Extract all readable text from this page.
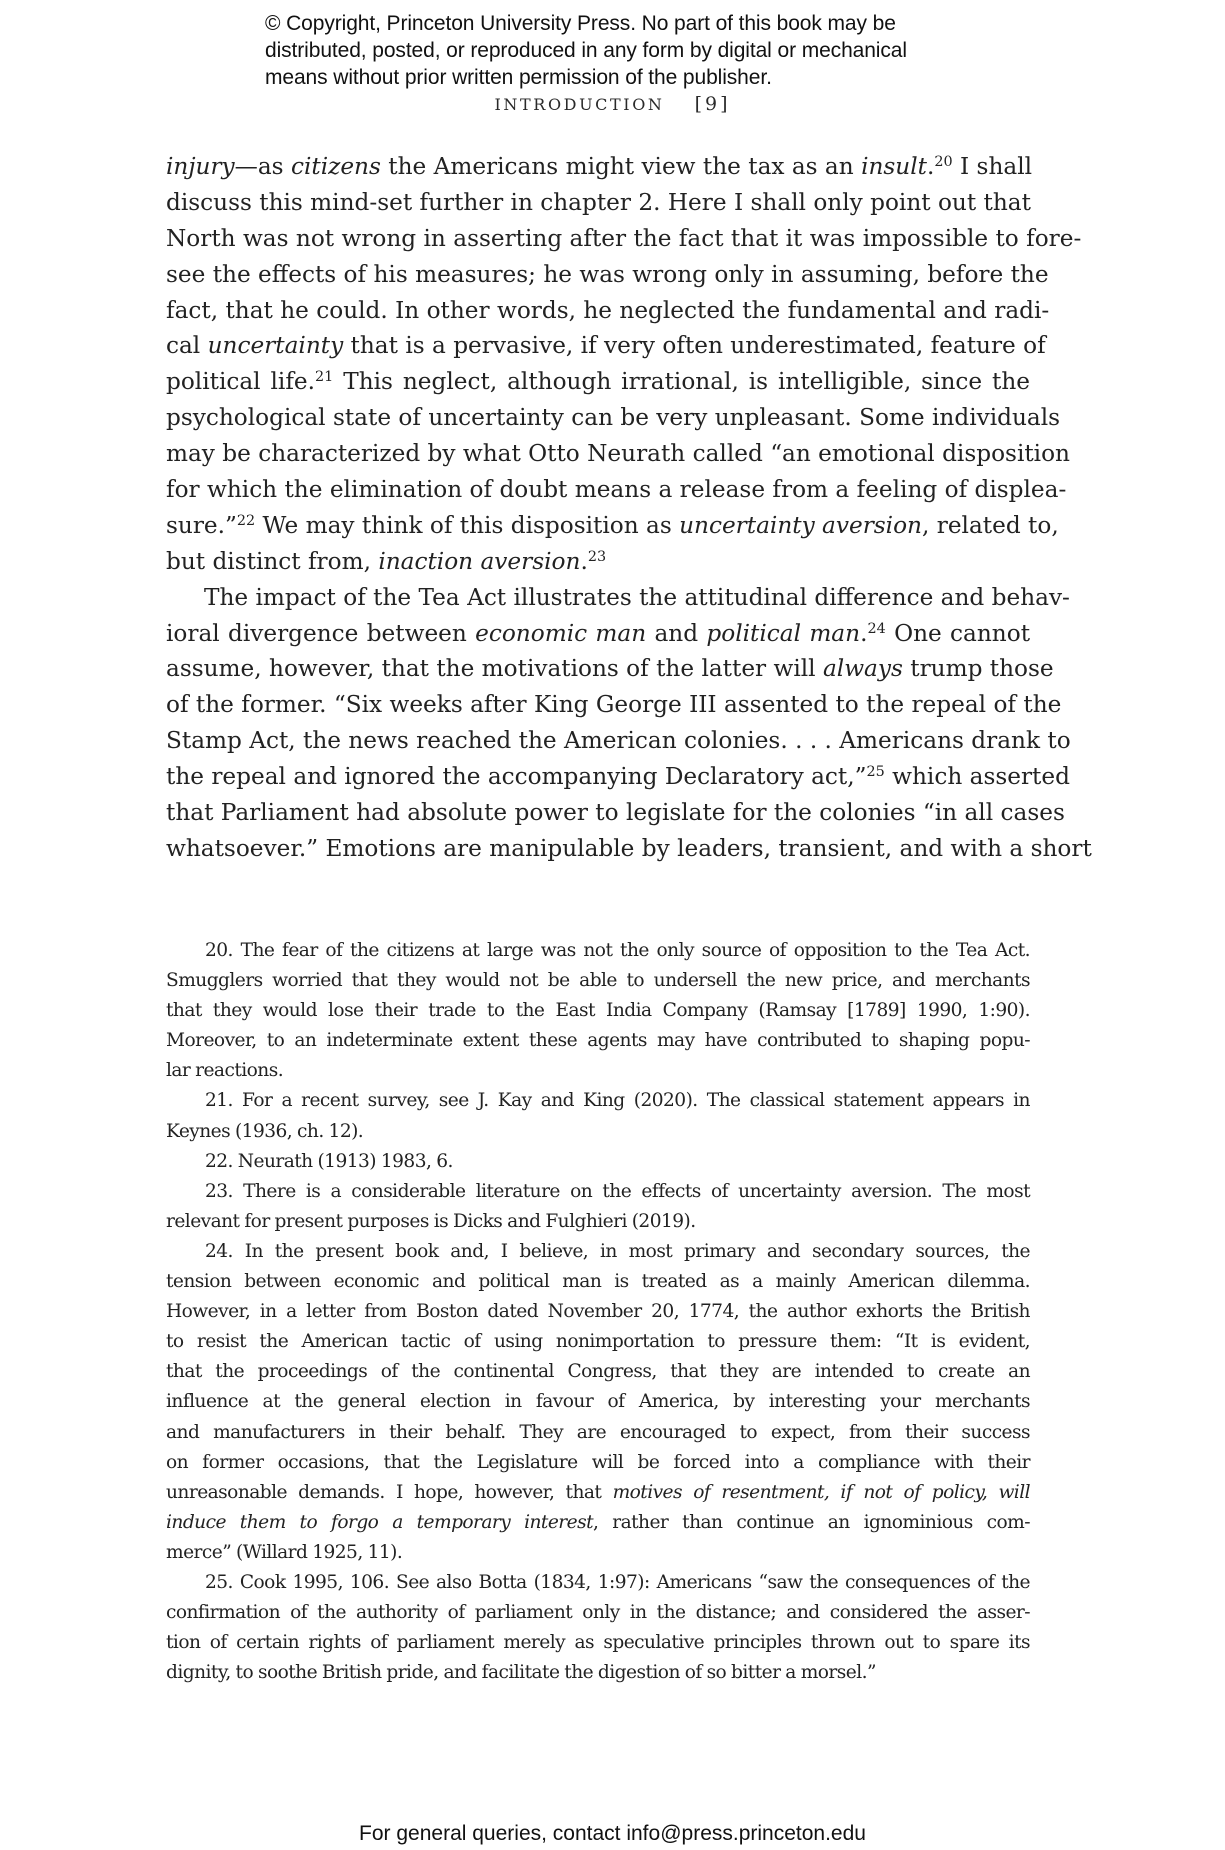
© Copyright, Princeton University Press. No part of this book may be
distributed, posted, or reproduced in any form by digital or mechanical
means without prior written permission of the publisher.
INTRODUCTION [9]
injury—as citizens the Americans might view the tax as an insult.$^{20}$ I shall
discuss this mind-set further in chapter 2. Here I shall only point out that
North was not wrong in asserting after the fact that it was impossible to fore-
see the effects of his measures; he was wrong only in assuming, before the
fact, that he could. In other words, he neglected the fundamental and radi-
cal uncertainty that is a pervasive, if very often underestimated, feature of
political life.$^{21}$ This neglect, although irrational, is intelligible, since the
psychological state of uncertainty can be very unpleasant. Some individuals
may be characterized by what Otto Neurath called “an emotional disposition
for which the elimination of doubt means a release from a feeling of displea-
sure.”$^{22}$ We may think of this disposition as uncertainty aversion, related to,
but distinct from, inaction aversion.$^{23}$
The impact of the Tea Act illustrates the attitudinal difference and behav-
ioral divergence between economic man and political man.$^{24}$ One cannot
assume, however, that the motivations of the latter will always trump those
of the former. “Six weeks after King George III assented to the repeal of the
Stamp Act, the news reached the American colonies. . . . Americans drank to
the repeal and ignored the accompanying Declaratory act,”$^{25}$ which asserted
that Parliament had absolute power to legislate for the colonies “in all cases
whatsoever.” Emotions are manipulable by leaders, transient, and with a short
20. The fear of the citizens at large was not the only source of opposition to the Tea Act.
Smugglers worried that they would not be able to undersell the new price, and merchants
that they would lose their trade to the East India Company (Ramsay [1789] 1990, 1:90).
Moreover, to an indeterminate extent these agents may have contributed to shaping popu-
lar reactions.
21. For a recent survey, see J. Kay and King (2020). The classical statement appears in
Keynes (1936, ch. 12).
22. Neurath (1913) 1983, 6.
23. There is a considerable literature on the effects of uncertainty aversion. The most
relevant for present purposes is Dicks and Fulghieri (2019).
24. In the present book and, I believe, in most primary and secondary sources, the
tension between economic and political man is treated as a mainly American dilemma.
However, in a letter from Boston dated November 20, 1774, the author exhorts the British
to resist the American tactic of using nonimportation to pressure them: “It is evident,
that the proceedings of the continental Congress, that they are intended to create an
influence at the general election in favour of America, by interesting your merchants
and manufacturers in their behalf. They are encouraged to expect, from their success
on former occasions, that the Legislature will be forced into a compliance with their
unreasonable demands. I hope, however, that motives of resentment, if not of policy, will
induce them to forgo a temporary interest, rather than continue an ignominious com-
merce” (Willard 1925, 11).
25. Cook 1995, 106. See also Botta (1834, 1:97): Americans “saw the consequences of the
confirmation of the authority of parliament only in the distance; and considered the asser-
tion of certain rights of parliament merely as speculative principles thrown out to spare its
dignity, to soothe British pride, and facilitate the digestion of so bitter a morsel.”
For general queries, contact info@press.princeton.edu
